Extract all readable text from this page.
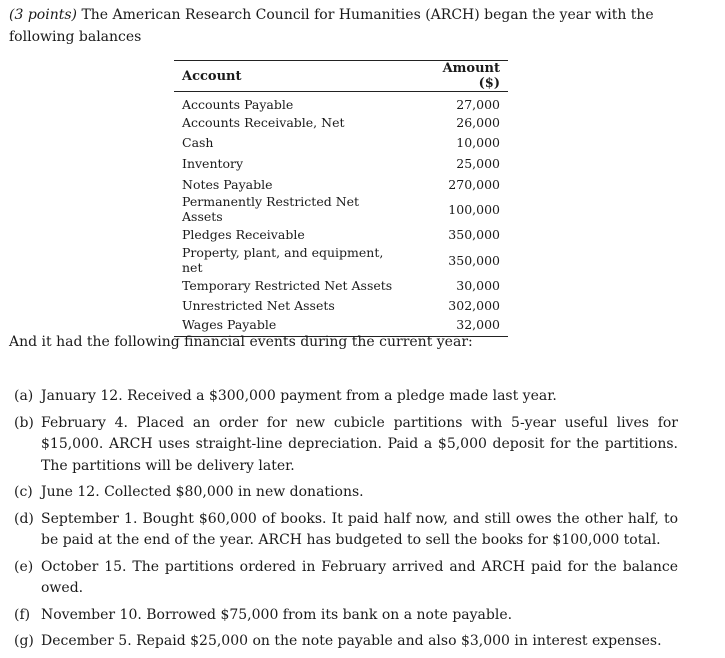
(3 points) The American Research Council for Humanities (ARCH) began the year with the following balances
Account	Amount ($)
Accounts Payable	27,000
Accounts Receivable, Net	26,000
Cash	10,000
Inventory	25,000
Notes Payable	270,000
Permanently Restricted Net Assets	100,000
Pledges Receivable	350,000
Property, plant, and equipment, net	350,000
Temporary Restricted Net Assets	30,000
Unrestricted Net Assets	302,000
Wages Payable	32,000
And it had the following financial events during the current year:
(a) January 12. Received a $300,000 payment from a pledge made last year.
(b) February 4. Placed an order for new cubicle partitions with 5-year useful lives for $15,000. ARCH uses straight-line depreciation. Paid a $5,000 deposit for the partitions. The partitions will be delivery later.
(c) June 12. Collected $80,000 in new donations.
(d) September 1. Bought $60,000 of books. It paid half now, and still owes the other half, to be paid at the end of the year. ARCH has budgeted to sell the books for $100,000 total.
(e) October 15. The partitions ordered in February arrived and ARCH paid for the balance owed.
(f) November 10. Borrowed $75,000 from its bank on a note payable.
(g) December 5. Repaid $25,000 on the note payable and also $3,000 in interest expenses.
